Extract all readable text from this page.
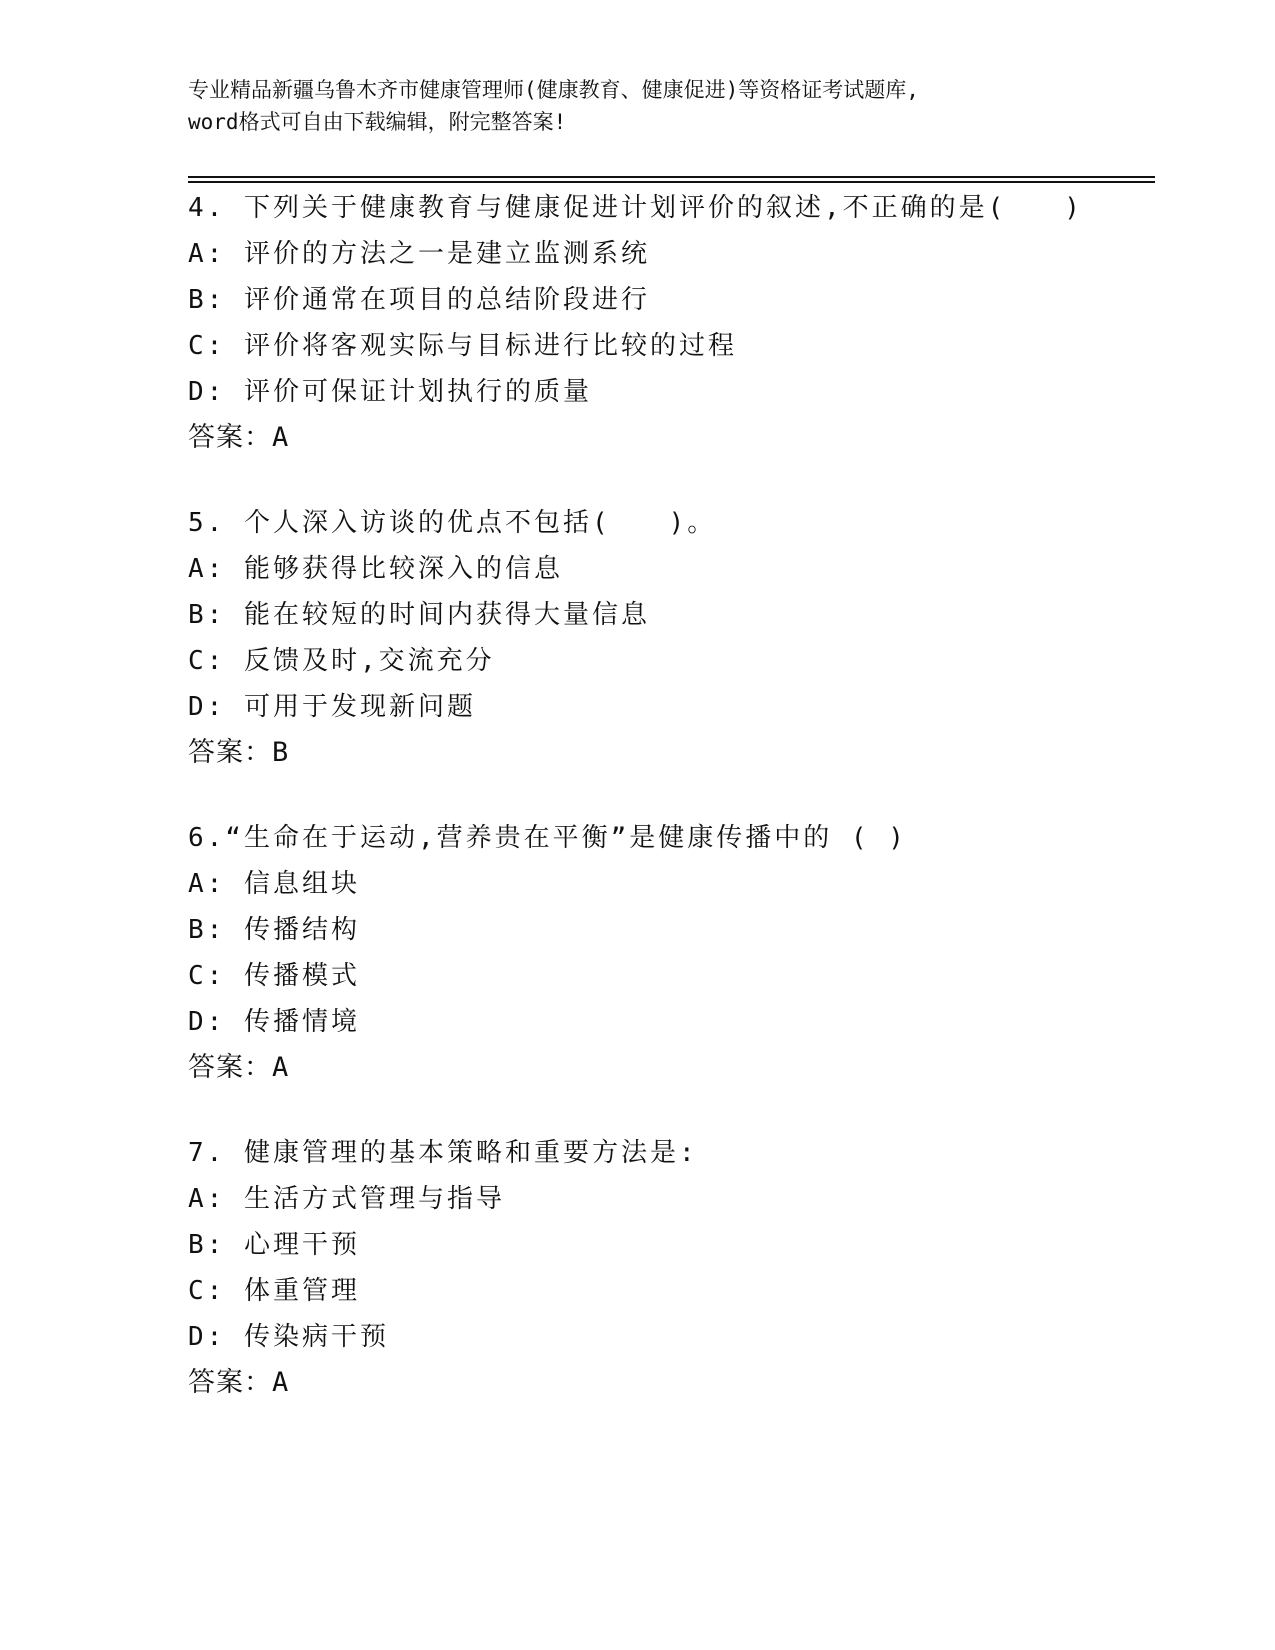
专业精品新疆乌鲁木齐市健康管理师(健康教育、健康促进)等资格证考试题库,
word格式可自由下载编辑，附完整答案!
4. 下列关于健康教育与健康促进计划评价的叙述,不正确的是(　　)
A: 评价的方法之一是建立监测系统
B: 评价通常在项目的总结阶段进行
C: 评价将客观实际与目标进行比较的过程
D: 评价可保证计划执行的质量
答案：A
5. 个人深入访谈的优点不包括(　　)。
A: 能够获得比较深入的信息
B: 能在较短的时间内获得大量信息
C: 反馈及时,交流充分
D: 可用于发现新问题
答案：B
6.“生命在于运动,营养贵在平衡”是健康传播中的 ( )
A: 信息组块
B: 传播结构
C: 传播模式
D: 传播情境
答案：A
7. 健康管理的基本策略和重要方法是:
A: 生活方式管理与指导
B: 心理干预
C: 体重管理
D: 传染病干预
答案：A
